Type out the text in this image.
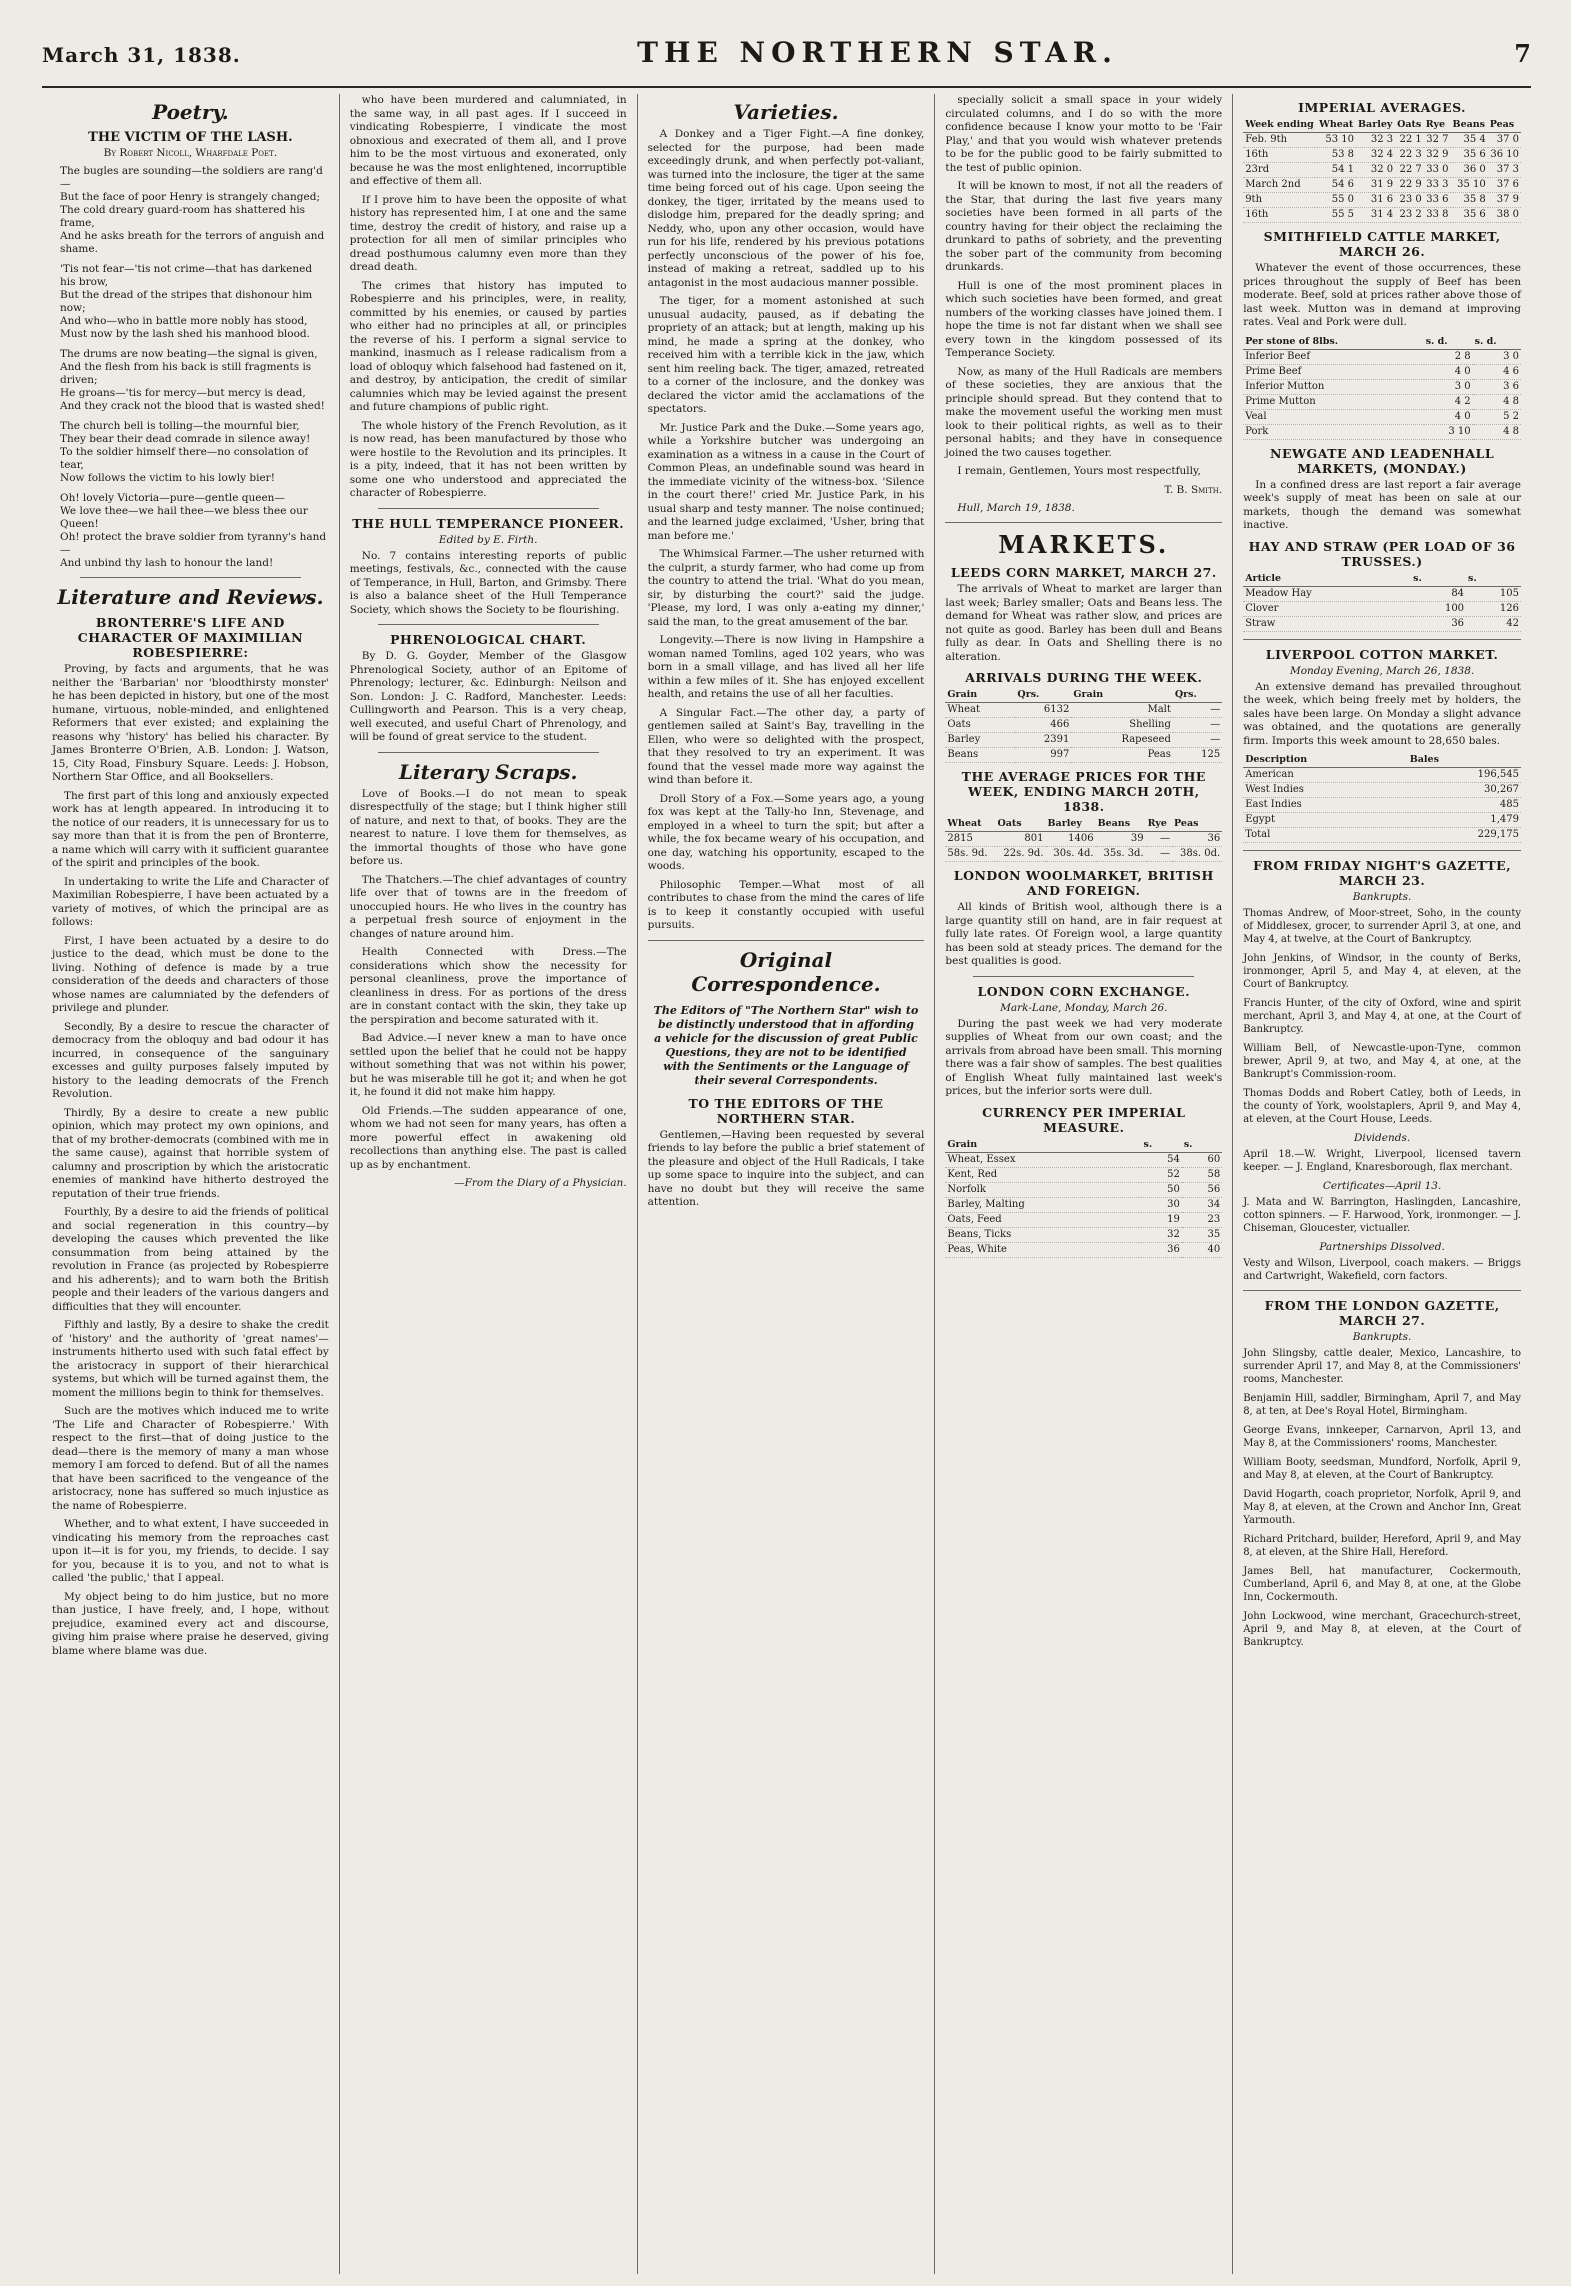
March 31, 1838.	THE NORTHERN STAR.	7
Poetry.
THE VICTIM OF THE LASH.
By Robert Nicoll, Wharfdale Poet.

The bugles are sounding—the soldiers are rang'd—

But the face of poor Henry is strangely changed;

The cold dreary guard-room has shattered his frame,

And he asks breath for the terrors of anguish and shame.

'Tis not fear—'tis not crime—that has darkened his brow,

But the dread of the stripes that dishonour him now;

And who—who in battle more nobly has stood,

Must now by the lash shed his manhood blood.

The drums are now beating—the signal is given,

And the flesh from his back is still fragments is driven;

He groans—'tis for mercy—but mercy is dead,

And they crack not the blood that is wasted shed!

The church bell is tolling—the mournful bier,

They bear their dead comrade in silence away!

To the soldier himself there—no consolation of tear,

Now follows the victim to his lowly bier!

Oh! lovely Victoria—pure—gentle queen—

We love thee—we hail thee—we bless thee our Queen!

Oh! protect the brave soldier from tyranny's hand—

And unbind thy lash to honour the land!

Literature and Reviews.
BRONTERRE'S LIFE AND CHARACTER OF MAXIMILIAN ROBESPIERRE:

Proving, by facts and arguments, that he was neither the 'Barbarian' nor 'bloodthirsty monster' he has been depicted in history, but one of the most humane, virtuous, noble-minded, and enlightened Reformers that ever existed; and explaining the reasons why 'history' has belied his character. By James Bronterre O'Brien, A.B. London: J. Watson, 15, City Road, Finsbury Square. Leeds: J. Hobson, Northern Star Office, and all Booksellers.

The first part of this long and anxiously expected work has at length appeared. In introducing it to the notice of our readers, it is unnecessary for us to say more than that it is from the pen of Bronterre, a name which will carry with it sufficient guarantee of the spirit and principles of the book.

In undertaking to write the Life and Character of Maximilian Robespierre, I have been actuated by a variety of motives, of which the principal are as follows:

First, I have been actuated by a desire to do justice to the dead, which must be done to the living. Nothing of defence is made by a true consideration of the deeds and characters of those whose names are calumniated by the defenders of privilege and plunder.

Secondly, By a desire to rescue the character of democracy from the obloquy and bad odour it has incurred, in consequence of the sanguinary excesses and guilty purposes falsely imputed by history to the leading democrats of the French Revolution.

Thirdly, By a desire to create a new public opinion, which may protect my own opinions, and that of my brother-democrats (combined with me in the same cause), against that horrible system of calumny and proscription by which the aristocratic enemies of mankind have hitherto destroyed the reputation of their true friends.

Fourthly, By a desire to aid the friends of political and social regeneration in this country—by developing the causes which prevented the like consummation from being attained by the revolution in France (as projected by Robespierre and his adherents); and to warn both the British people and their leaders of the various dangers and difficulties that they will encounter.

Fifthly and lastly, By a desire to shake the credit of 'history' and the authority of 'great names'—instruments hitherto used with such fatal effect by the aristocracy in support of their hierarchical systems, but which will be turned against them, the moment the millions begin to think for themselves.

Such are the motives which induced me to write 'The Life and Character of Robespierre.' With respect to the first—that of doing justice to the dead—there is the memory of many a man whose memory I am forced to defend. But of all the names that have been sacrificed to the vengeance of the aristocracy, none has suffered so much injustice as the name of Robespierre.

Whether, and to what extent, I have succeeded in vindicating his memory from the reproaches cast upon it—it is for you, my friends, to decide. I say for you, because it is to you, and not to what is called 'the public,' that I appeal.

My object being to do him justice, but no more than justice, I have freely, and, I hope, without prejudice, examined every act and discourse, giving him praise where praise he deserved, giving blame where blame was due.

who have been murdered and calumniated, in the same way, in all past ages. If I succeed in vindicating Robespierre, I vindicate the most obnoxious and execrated of them all, and I prove him to be the most virtuous and exonerated, only because he was the most enlightened, incorruptible and effective of them all.

If I prove him to have been the opposite of what history has represented him, I at one and the same time, destroy the credit of history, and raise up a protection for all men of similar principles who dread posthumous calumny even more than they dread death.

The crimes that history has imputed to Robespierre and his principles, were, in reality, committed by his enemies, or caused by parties who either had no principles at all, or principles the reverse of his. I perform a signal service to mankind, inasmuch as I release radicalism from a load of obloquy which falsehood had fastened on it, and destroy, by anticipation, the credit of similar calumnies which may be levied against the present and future champions of public right.

The whole history of the French Revolution, as it is now read, has been manufactured by those who were hostile to the Revolution and its principles. It is a pity, indeed, that it has not been written by some one who understood and appreciated the character of Robespierre.

THE HULL TEMPERANCE PIONEER.
Edited by E. Firth.

No. 7 contains interesting reports of public meetings, festivals, &c., connected with the cause of Temperance, in Hull, Barton, and Grimsby. There is also a balance sheet of the Hull Temperance Society, which shows the Society to be flourishing.

PHRENOLOGICAL CHART.

By D. G. Goyder, Member of the Glasgow Phrenological Society, author of an Epitome of Phrenology; lecturer, &c. Edinburgh: Neilson and Son. London: J. C. Radford, Manchester. Leeds: Cullingworth and Pearson. This is a very cheap, well executed, and useful Chart of Phrenology, and will be found of great service to the student.

Literary Scraps.

Love of Books.—I do not mean to speak disrespectfully of the stage; but I think higher still of nature, and next to that, of books. They are the nearest to nature. I love them for themselves, as the immortal thoughts of those who have gone before us.

The Thatchers.—The chief advantages of country life over that of towns are in the freedom of unoccupied hours. He who lives in the country has a perpetual fresh source of enjoyment in the changes of nature around him.

Health Connected with Dress.—The considerations which show the necessity for personal cleanliness, prove the importance of cleanliness in dress. For as portions of the dress are in constant contact with the skin, they take up the perspiration and become saturated with it.

Bad Advice.—I never knew a man to have once settled upon the belief that he could not be happy without something that was not within his power, but he was miserable till he got it; and when he got it, he found it did not make him happy.

Old Friends.—The sudden appearance of one, whom we had not seen for many years, has often a more powerful effect in awakening old recollections than anything else. The past is called up as by enchantment.

—From the Diary of a Physician.
Varieties.

A Donkey and a Tiger Fight.—A fine donkey, selected for the purpose, had been made exceedingly drunk, and when perfectly pot-valiant, was turned into the inclosure, the tiger at the same time being forced out of his cage. Upon seeing the donkey, the tiger, irritated by the means used to dislodge him, prepared for the deadly spring; and Neddy, who, upon any other occasion, would have run for his life, rendered by his previous potations perfectly unconscious of the power of his foe, instead of making a retreat, saddled up to his antagonist in the most audacious manner possible.

The tiger, for a moment astonished at such unusual audacity, paused, as if debating the propriety of an attack; but at length, making up his mind, he made a spring at the donkey, who received him with a terrible kick in the jaw, which sent him reeling back. The tiger, amazed, retreated to a corner of the inclosure, and the donkey was declared the victor amid the acclamations of the spectators.

Mr. Justice Park and the Duke.—Some years ago, while a Yorkshire butcher was undergoing an examination as a witness in a cause in the Court of Common Pleas, an undefinable sound was heard in the immediate vicinity of the witness-box. 'Silence in the court there!' cried Mr. Justice Park, in his usual sharp and testy manner. The noise continued; and the learned judge exclaimed, 'Usher, bring that man before me.'

The Whimsical Farmer.—The usher returned with the culprit, a sturdy farmer, who had come up from the country to attend the trial. 'What do you mean, sir, by disturbing the court?' said the judge. 'Please, my lord, I was only a-eating my dinner,' said the man, to the great amusement of the bar.

Longevity.—There is now living in Hampshire a woman named Tomlins, aged 102 years, who was born in a small village, and has lived all her life within a few miles of it. She has enjoyed excellent health, and retains the use of all her faculties.

A Singular Fact.—The other day, a party of gentlemen sailed at Saint's Bay, travelling in the Ellen, who were so delighted with the prospect, that they resolved to try an experiment. It was found that the vessel made more way against the wind than before it.

Droll Story of a Fox.—Some years ago, a young fox was kept at the Tally-ho Inn, Stevenage, and employed in a wheel to turn the spit; but after a while, the fox became weary of his occupation, and one day, watching his opportunity, escaped to the woods.

Philosophic Temper.—What most of all contributes to chase from the mind the cares of life is to keep it constantly occupied with useful pursuits.

Original Correspondence.
The Editors of "The Northern Star" wish to be distinctly understood that in affording a vehicle for the discussion of great Public Questions, they are not to be identified with the Sentiments or the Language of their several Correspondents.
TO THE EDITORS OF THE NORTHERN STAR.

Gentlemen,—Having been requested by several friends to lay before the public a brief statement of the pleasure and object of the Hull Radicals, I take up some space to inquire into the subject, and can have no doubt but they will receive the same attention.

specially solicit a small space in your widely circulated columns, and I do so with the more confidence because I know your motto to be 'Fair Play,' and that you would wish whatever pretends to be for the public good to be fairly submitted to the test of public opinion.

It will be known to most, if not all the readers of the Star, that during the last five years many societies have been formed in all parts of the country having for their object the reclaiming the drunkard to paths of sobriety, and the preventing the sober part of the community from becoming drunkards.

Hull is one of the most prominent places in which such societies have been formed, and great numbers of the working classes have joined them. I hope the time is not far distant when we shall see every town in the kingdom possessed of its Temperance Society.

Now, as many of the Hull Radicals are members of these societies, they are anxious that the principle should spread. But they contend that to make the movement useful the working men must look to their political rights, as well as to their personal habits; and they have in consequence joined the two causes together.

I remain, Gentlemen, Yours most respectfully,

T. B. Smith.
Hull, March 19, 1838.
MARKETS.
LEEDS CORN MARKET, MARCH 27.

The arrivals of Wheat to market are larger than last week; Barley smaller; Oats and Beans less. The demand for Wheat was rather slow, and prices are not quite as good. Barley has been dull and Beans fully as dear. In Oats and Shelling there is no alteration.

ARRIVALS DURING THE WEEK.
Grain	Qrs.	Grain	Qrs.
Wheat	6132	Malt	—
Oats	466	Shelling	—
Barley	2391	Rapeseed	—
Beans	997	Peas	125
THE AVERAGE PRICES FOR THE WEEK, ENDING MARCH 20TH, 1838.
Wheat	Oats	Barley	Beans	Rye	Peas
2815	801	1406	39	—	36
58s. 9d.	22s. 9d.	30s. 4d.	35s. 3d.	—	38s. 0d.
LONDON WOOLMARKET, BRITISH AND FOREIGN.

All kinds of British wool, although there is a large quantity still on hand, are in fair request at fully late rates. Of Foreign wool, a large quantity has been sold at steady prices. The demand for the best qualities is good.

LONDON CORN EXCHANGE.
Mark-Lane, Monday, March 26.

During the past week we had very moderate supplies of Wheat from our own coast; and the arrivals from abroad have been small. This morning there was a fair show of samples. The best qualities of English Wheat fully maintained last week's prices, but the inferior sorts were dull.

CURRENCY PER IMPERIAL MEASURE.
Grain	s.	s.
Wheat, Essex	54	60
Kent, Red	52	58
Norfolk	50	56
Barley, Malting	30	34
Oats, Feed	19	23
Beans, Ticks	32	35
Peas, White	36	40
IMPERIAL AVERAGES.
Week ending	Wheat	Barley	Oats	Rye	Beans	Peas
Feb. 9th	53 10	32 3	22 1	32 7	35 4	37 0
16th	53 8	32 4	22 3	32 9	35 6	36 10
23rd	54 1	32 0	22 7	33 0	36 0	37 3
March 2nd	54 6	31 9	22 9	33 3	35 10	37 6
9th	55 0	31 6	23 0	33 6	35 8	37 9
16th	55 5	31 4	23 2	33 8	35 6	38 0
SMITHFIELD CATTLE MARKET, MARCH 26.

Whatever the event of those occurrences, these prices throughout the supply of Beef has been moderate. Beef, sold at prices rather above those of last week. Mutton was in demand at improving rates. Veal and Pork were dull.

Per stone of 8lbs.	s. d.	s. d.
Inferior Beef	2 8	3 0
Prime Beef	4 0	4 6
Inferior Mutton	3 0	3 6
Prime Mutton	4 2	4 8
Veal	4 0	5 2
Pork	3 10	4 8
NEWGATE AND LEADENHALL MARKETS, (MONDAY.)

In a confined dress are last report a fair average week's supply of meat has been on sale at our markets, though the demand was somewhat inactive.

HAY AND STRAW (PER LOAD OF 36 TRUSSES.)
Article	s.	s.
Meadow Hay	84	105
Clover	100	126
Straw	36	42
LIVERPOOL COTTON MARKET.
Monday Evening, March 26, 1838.

An extensive demand has prevailed throughout the week, which being freely met by holders, the sales have been large. On Monday a slight advance was obtained, and the quotations are generally firm. Imports this week amount to 28,650 bales.

Description	Bales
American	196,545
West Indies	30,267
East Indies	485
Egypt	1,479
Total	229,175
FROM FRIDAY NIGHT'S GAZETTE, MARCH 23.
Bankrupts.

Thomas Andrew, of Moor-street, Soho, in the county of Middlesex, grocer, to surrender April 3, at one, and May 4, at twelve, at the Court of Bankruptcy.

John Jenkins, of Windsor, in the county of Berks, ironmonger, April 5, and May 4, at eleven, at the Court of Bankruptcy.

Francis Hunter, of the city of Oxford, wine and spirit merchant, April 3, and May 4, at one, at the Court of Bankruptcy.

William Bell, of Newcastle-upon-Tyne, common brewer, April 9, at two, and May 4, at one, at the Bankrupt's Commission-room.

Thomas Dodds and Robert Catley, both of Leeds, in the county of York, woolstaplers, April 9, and May 4, at eleven, at the Court House, Leeds.

Dividends.

April 18.—W. Wright, Liverpool, licensed tavern keeper. — J. England, Knaresborough, flax merchant.

Certificates—April 13.

J. Mata and W. Barrington, Haslingden, Lancashire, cotton spinners. — F. Harwood, York, ironmonger. — J. Chiseman, Gloucester, victualler.

Partnerships Dissolved.

Vesty and Wilson, Liverpool, coach makers. — Briggs and Cartwright, Wakefield, corn factors.

FROM THE LONDON GAZETTE, MARCH 27.
Bankrupts.

John Slingsby, cattle dealer, Mexico, Lancashire, to surrender April 17, and May 8, at the Commissioners' rooms, Manchester.

Benjamin Hill, saddler, Birmingham, April 7, and May 8, at ten, at Dee's Royal Hotel, Birmingham.

George Evans, innkeeper, Carnarvon, April 13, and May 8, at the Commissioners' rooms, Manchester.

William Booty, seedsman, Mundford, Norfolk, April 9, and May 8, at eleven, at the Court of Bankruptcy.

David Hogarth, coach proprietor, Norfolk, April 9, and May 8, at eleven, at the Crown and Anchor Inn, Great Yarmouth.

Richard Pritchard, builder, Hereford, April 9, and May 8, at eleven, at the Shire Hall, Hereford.

James Bell, hat manufacturer, Cockermouth, Cumberland, April 6, and May 8, at one, at the Globe Inn, Cockermouth.

John Lockwood, wine merchant, Gracechurch-street, April 9, and May 8, at eleven, at the Court of Bankruptcy.
